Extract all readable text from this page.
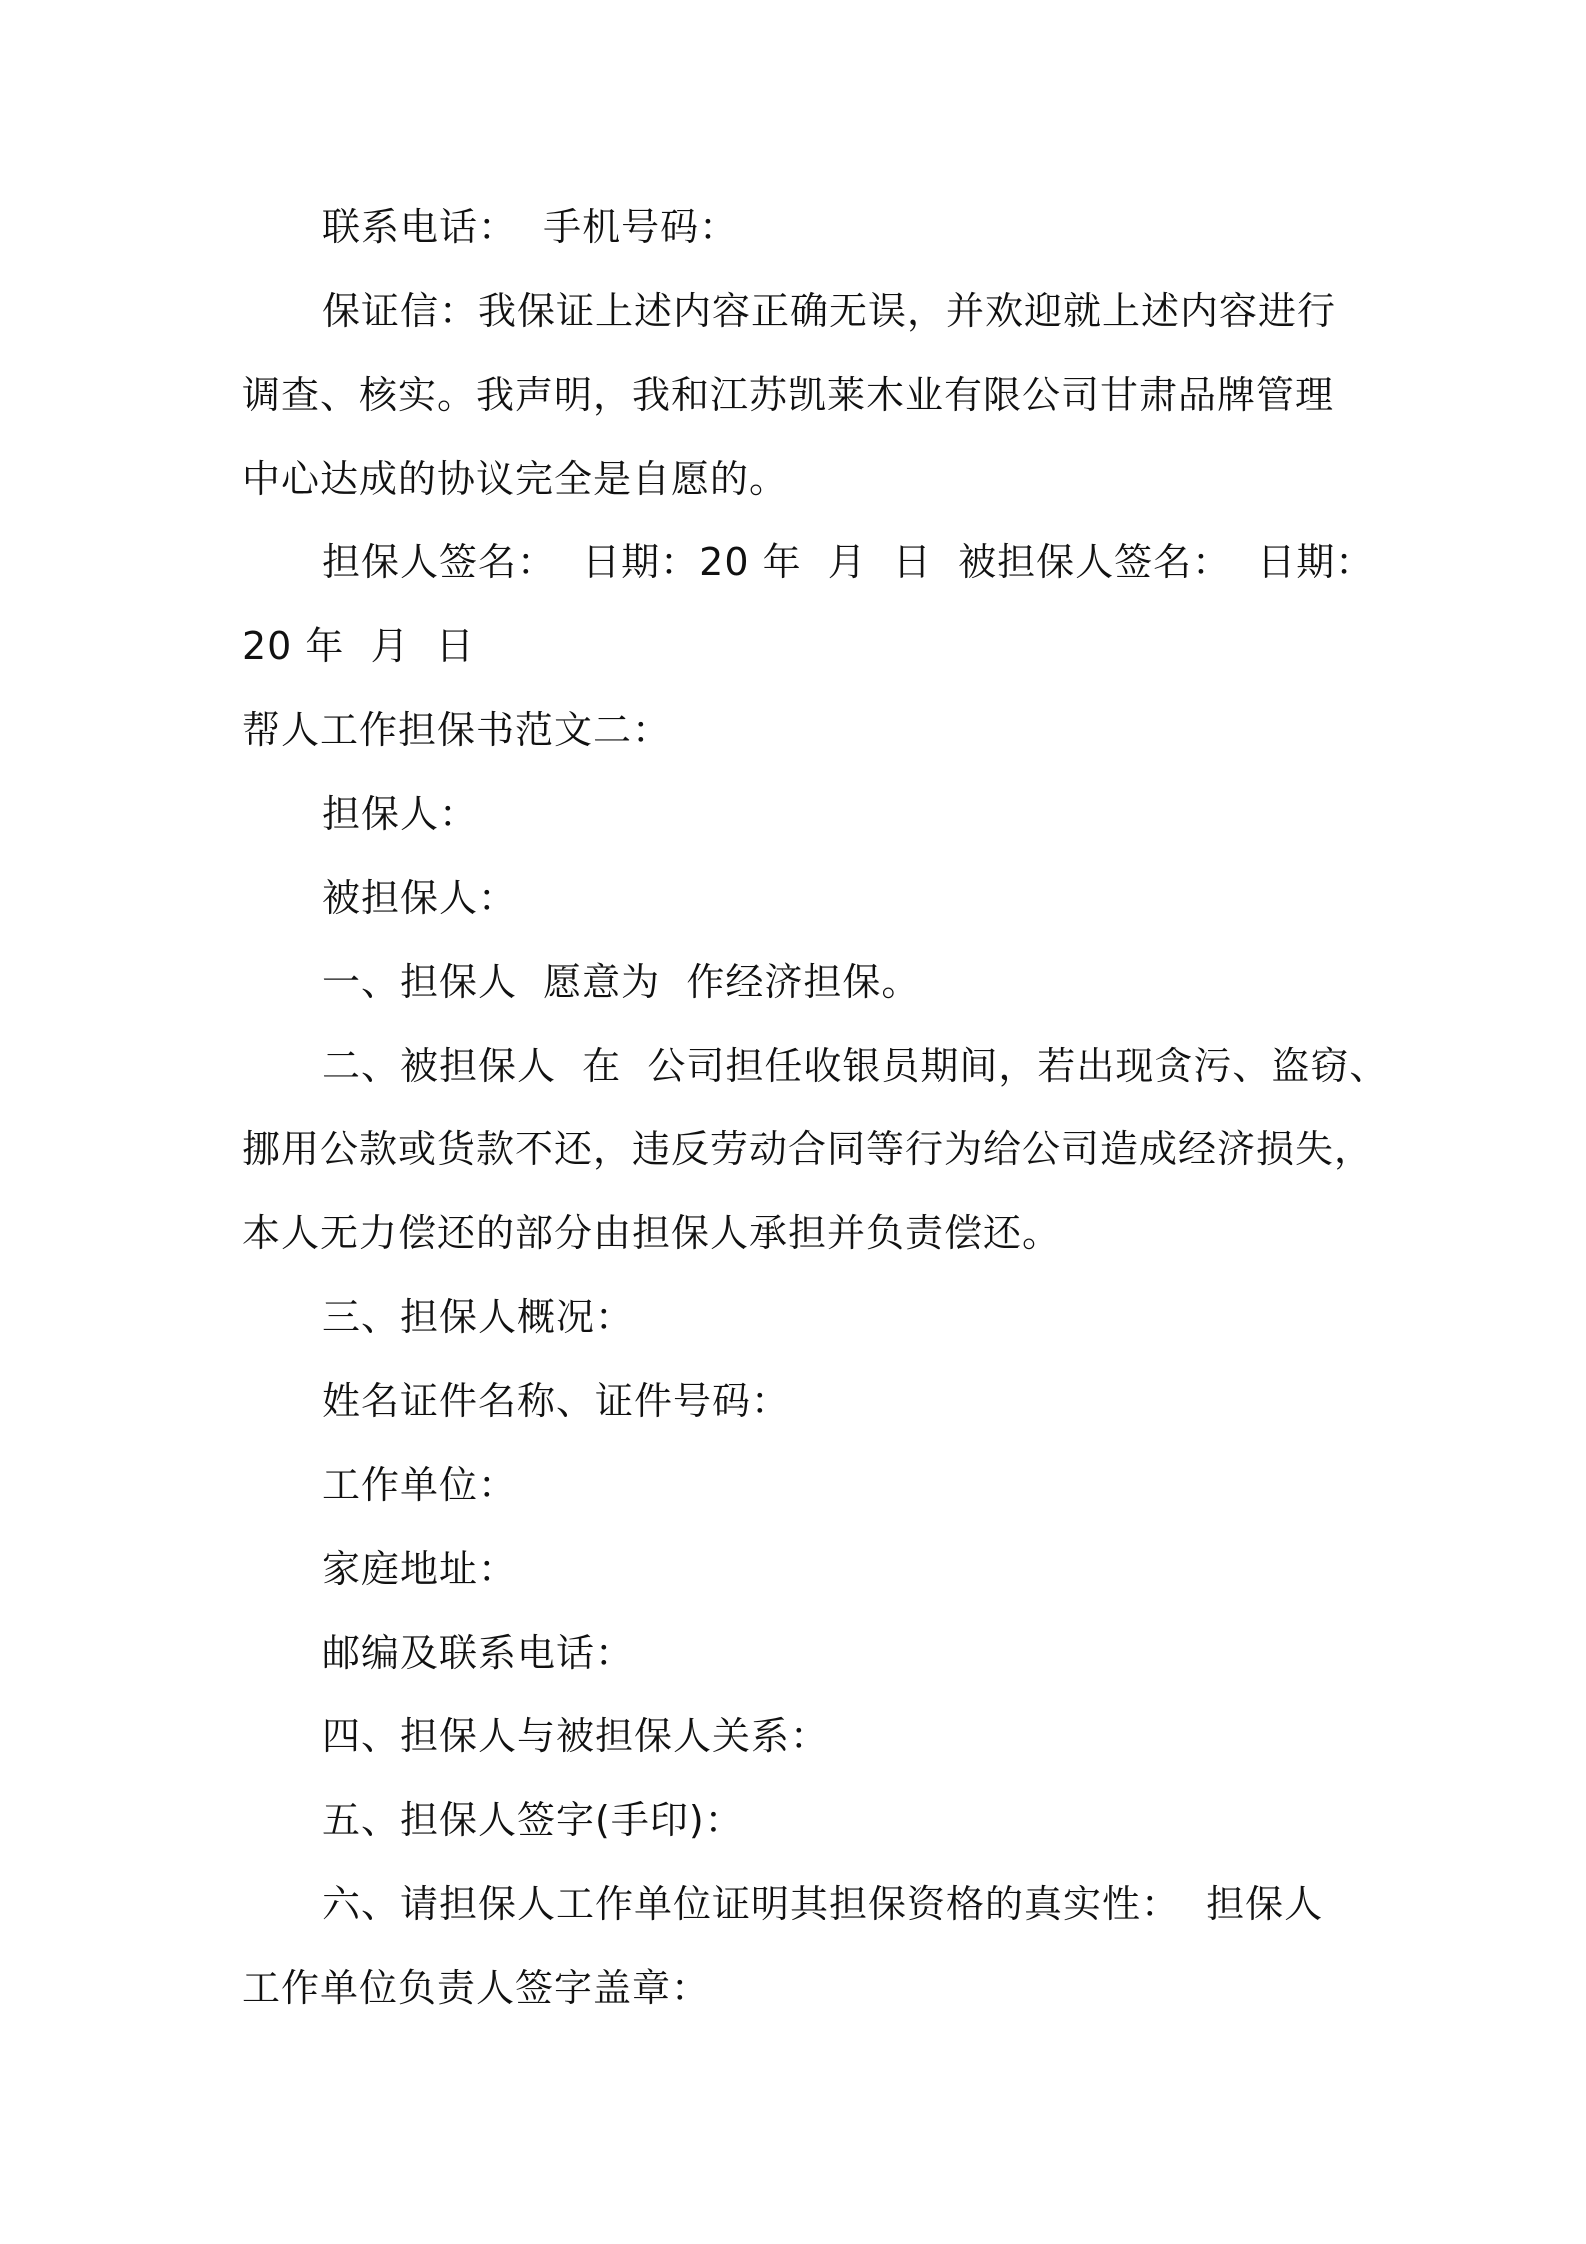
联系电话：  手机号码：
保证信：我保证上述内容正确无误，并欢迎就上述内容进行
调查、核实。我声明，我和江苏凯莱木业有限公司甘肃品牌管理
中心达成的协议完全是自愿的。
担保人签名：  日期：20 年  月  日  被担保人签名：  日期：
20 年  月  日
帮人工作担保书范文二：
担保人：
被担保人：
一、担保人  愿意为  作经济担保。
二、被担保人  在  公司担任收银员期间，若出现贪污、盗窃、
挪用公款或货款不还，违反劳动合同等行为给公司造成经济损失，
本人无力偿还的部分由担保人承担并负责偿还。
三、担保人概况：
姓名证件名称、证件号码：
工作单位：
家庭地址：
邮编及联系电话：
四、担保人与被担保人关系：
五、担保人签字(手印)：
六、请担保人工作单位证明其担保资格的真实性：  担保人
工作单位负责人签字盖章：
